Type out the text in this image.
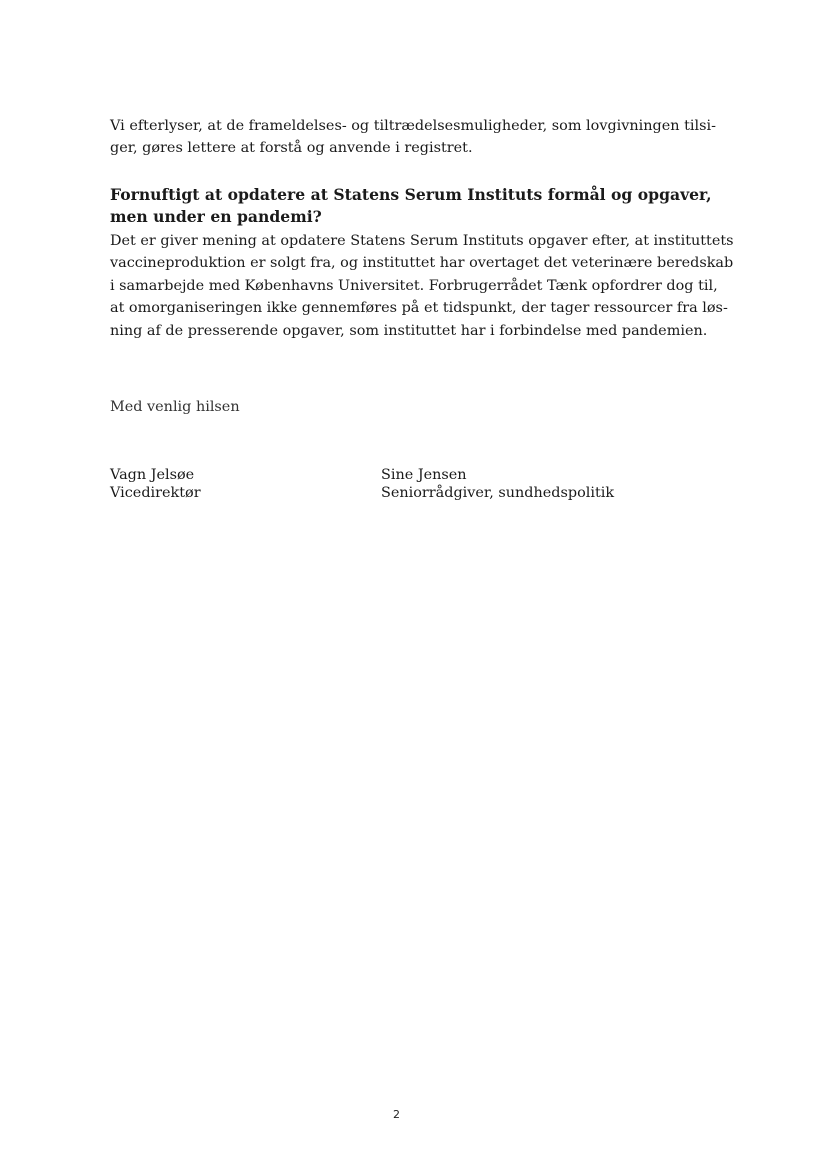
Vi efterlyser, at de frameldelses- og tiltrædelsesmuligheder, som lovgivningen tilsi-
ger, gøres lettere at forstå og anvende i registret.

Fornuftigt at opdatere at Statens Serum Instituts formål og opgaver,
men under en pandemi?

Det er giver mening at opdatere Statens Serum Instituts opgaver efter, at instituttets
vaccineproduktion er solgt fra, og instituttet har overtaget det veterinære beredskab
i samarbejde med Københavns Universitet. Forbrugerrådet Tænk opfordrer dog til,
at omorganiseringen ikke gennemføres på et tidspunkt, der tager ressourcer fra løs-
ning af de presserende opgaver, som instituttet har i forbindelse med pandemien.

Med venlig hilsen
Vagn Jelsøe
Vicedirektør
Sine Jensen
Seniorrådgiver, sundhedspolitik
2
